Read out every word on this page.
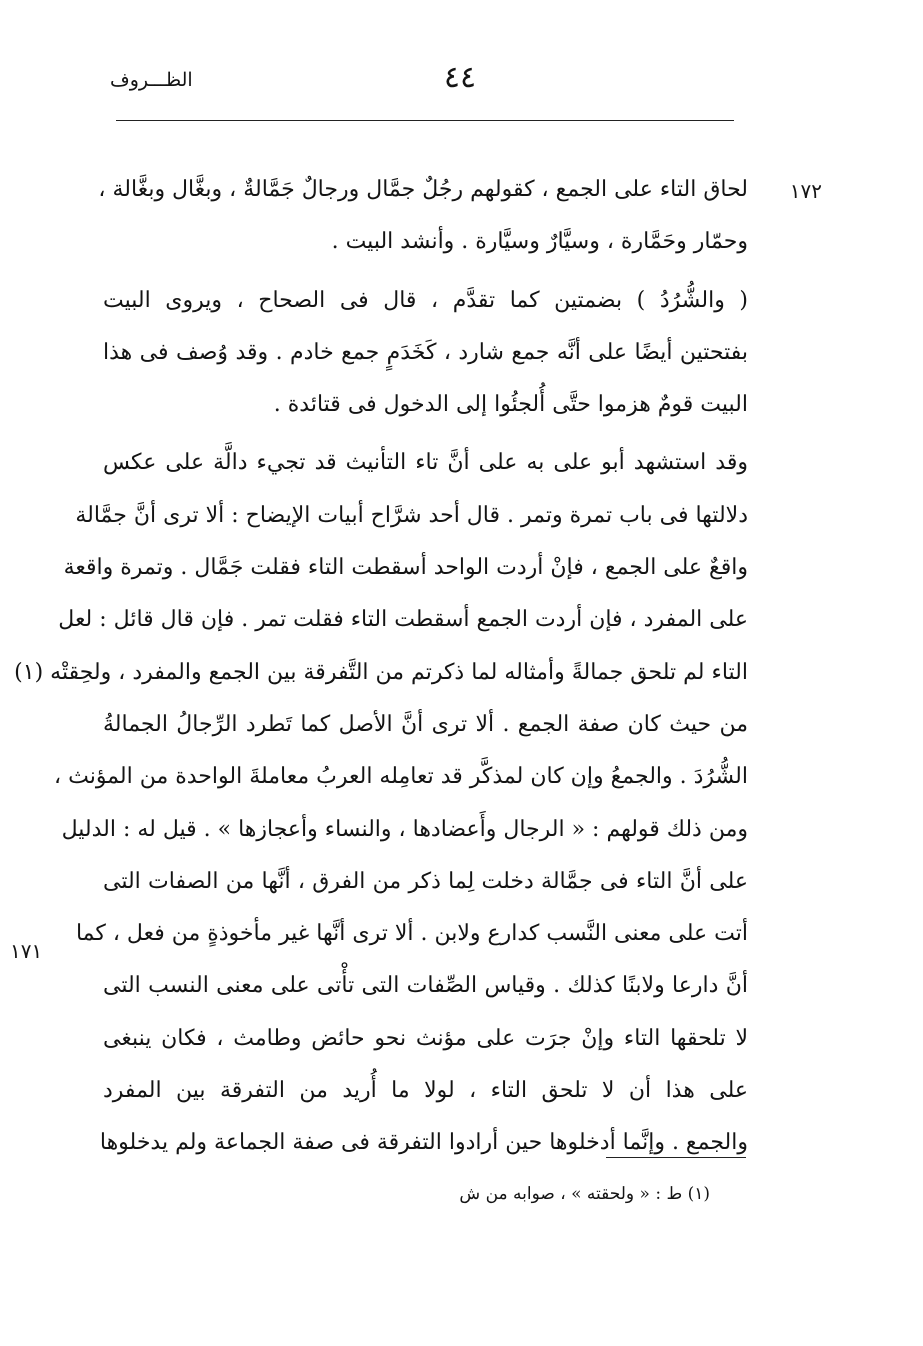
٤٤
الظـــروف
١٧٢
١٧١
لحاق التاء على الجمع ، كقولهم رجُلٌ جمَّال ورجالٌ جَمَّالةٌ ، وبغَّال وبغَّالة ،
وحمّار وحَمَّارة ، وسيَّارٌ وسيَّارة . وأنشد البيت .
( والشُّرُدُ ) بضمتين كما تقدَّم ، قال فى الصحاح ، ويروى البيت
بفتحتين أيضًا على أنَّه جمع شارد ، كَخَدَمٍ جمع خادم . وقد وُصف فى هذا
البيت قومٌ هزموا حتَّى أُلجئُوا إلى الدخول فى قتائدة .
وقد استشهد أبو على به على أنَّ تاء التأنيث قد تجيء دالَّة على عكس
دلالتها فى باب تمرة وتمر . قال أحد شرَّاح أبيات الإيضاح : ألا ترى أنَّ جمَّالة
واقعٌ على الجمع ، فإنْ أردت الواحد أسقطت التاء فقلت جَمَّال . وتمرة واقعة
على المفرد ، فإن أردت الجمع أسقطت التاء فقلت تمر . فإن قال قائل : لعل
التاء لم تلحق جمالةً وأمثاله لما ذكرتم من التَّفرقة بين الجمع والمفرد ، ولحِقتْه (١)
من حيث كان صفة الجمع . ألا ترى أنَّ الأصل كما تَطرد الرِّجالُ الجمالةُ
الشُّرُدَ . والجمعُ وإن كان لمذكَّر قد تعامِله العربُ معاملةَ الواحدة من المؤنث ،
ومن ذلك قولهم : « الرجال وأَعضادها ، والنساء وأعجازها » . قيل له : الدليل
على أنَّ التاء فى جمَّالة دخلت لِما ذكر من الفرق ، أنَّها من الصفات التى
أتت على معنى النَّسب كدارع ولابن . ألا ترى أنَّها غير مأخوذةٍ من فعل ، كما
أنَّ دارعا ولابنًا كذلك . وقياس الصِّفات التى تأْتى على معنى النسب التى
لا تلحقها التاء وإنْ جرَت على مؤنث نحو حائض وطامث ، فكان ينبغى
على هذا أن لا تلحق التاء ، لولا ما أُريد من التفرقة بين المفرد
والجمع . وإنَّما أدخلوها حين أرادوا التفرقة فى صفة الجماعة ولم يدخلوها
(١) ط : « ولحقته » ، صوابه من ش
